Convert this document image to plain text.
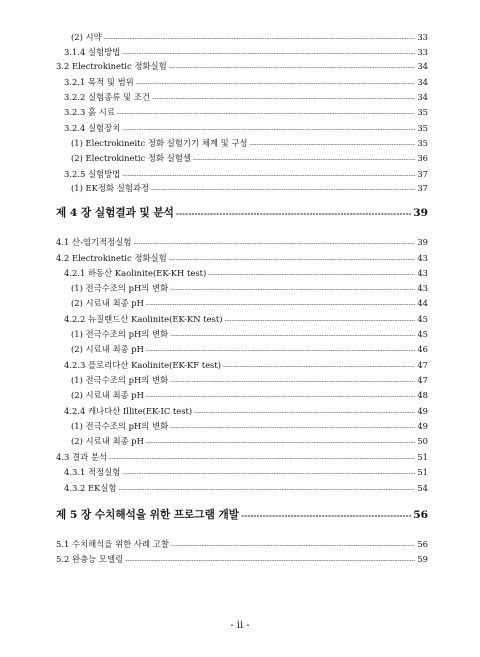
(2) 시약 -----	33
3.1.4 실험방법 -----	33
3.2 Electrokinetic 정화실험 -----	34
3.2.1 목적 및 범위 -----	34
3.2.2 실험종류 및 조건 -----	34
3.2.3 흙 시료 -----	35
3.2.4 실험장치 -----	35
(1) Electrokineitc 정화 실험기기 체계 및 구성 -----	35
(2) Electrokinetic 정화 실험셀 -----	36
3.2.5 실험방법 -----	37
(1) EK정화 실험과정 -----	37
제 4 장 실험결과 및 분석 -----	39
4.1 산-염기적정실험 -----	39
4.2 Electrokinetic 정화실험 -----	43
4.2.1 하동산 Kaolinite(EK-KH test) -----	43
(1) 전극수조의 pH의 변화 -----	43
(2) 시료내 최종 pH -----	44
4.2.2 뉴질랜드산 Kaolinite(EK-KN test) -----	45
(1) 전극수조의 pH의 변화 -----	45
(2) 시료내 최종 pH -----	46
4.2.3 플로리다산 Kaolinite(EK-KF test) -----	47
(1) 전극수조의 pH의 변화 -----	47
(2) 시료내 최종 pH -----	48
4.2.4 캐나다산 Illite(EK-IC test) -----	49
(1) 전극수조의 pH의 변화 -----	49
(2) 시료내 최종 pH -----	50
4.3 결과 분석 -----	51
4.3.1 적정실험 -----	51
4.3.2 EK실험 -----	54
제 5 장 수치해석을 위한 프로그램 개발 -----	56
5.1 수치해석을 위한 사례 고찰 -----	56
5.2 완충능 모델링 -----	59
- ii -
